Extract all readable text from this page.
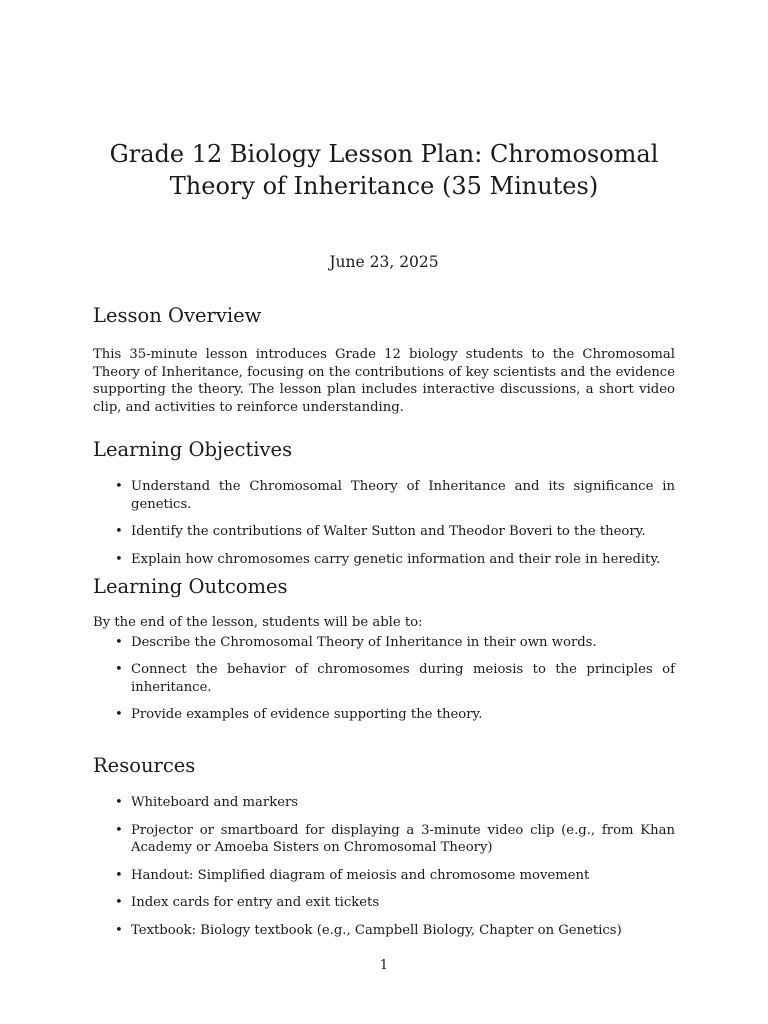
Grade 12 Biology Lesson Plan: Chromosomal Theory of Inheritance (35 Minutes)
June 23, 2025
Lesson Overview

This 35-minute lesson introduces Grade 12 biology students to the Chromosomal Theory of Inheritance, focusing on the contributions of key scientists and the evidence supporting the theory. The lesson plan includes interactive discussions, a short video clip, and activities to reinforce understanding.

Learning Objectives
• Understand the Chromosomal Theory of Inheritance and its significance in genetics.
• Identify the contributions of Walter Sutton and Theodor Boveri to the theory.
• Explain how chromosomes carry genetic information and their role in heredity.
Learning Outcomes

By the end of the lesson, students will be able to:

• Describe the Chromosomal Theory of Inheritance in their own words.
• Connect the behavior of chromosomes during meiosis to the principles of inheritance.
• Provide examples of evidence supporting the theory.
Resources
• Whiteboard and markers
• Projector or smartboard for displaying a 3-minute video clip (e.g., from Khan Academy or Amoeba Sisters on Chromosomal Theory)
• Handout: Simplified diagram of meiosis and chromosome movement
• Index cards for entry and exit tickets
• Textbook: Biology textbook (e.g., Campbell Biology, Chapter on Genetics)
1
